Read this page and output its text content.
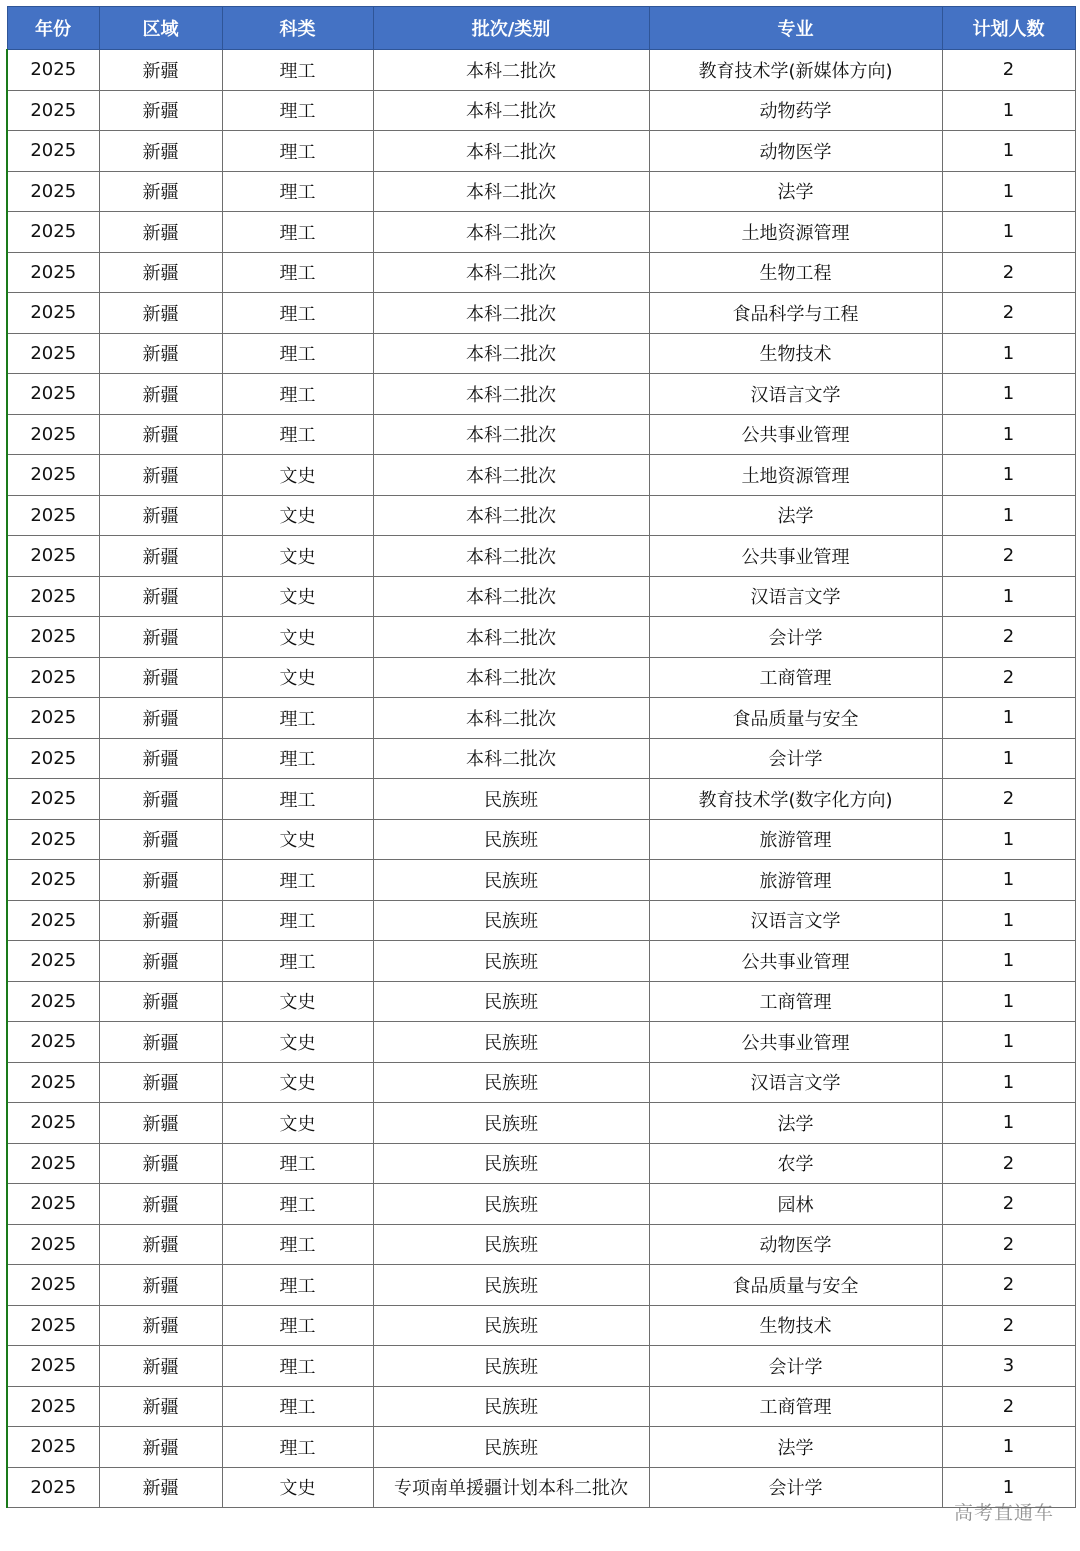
年份	区域	科类	批次/类别	专业	计划人数
2025	新疆	理工	本科二批次	教育技术学(新媒体方向)	2
2025	新疆	理工	本科二批次	动物药学	1
2025	新疆	理工	本科二批次	动物医学	1
2025	新疆	理工	本科二批次	法学	1
2025	新疆	理工	本科二批次	土地资源管理	1
2025	新疆	理工	本科二批次	生物工程	2
2025	新疆	理工	本科二批次	食品科学与工程	2
2025	新疆	理工	本科二批次	生物技术	1
2025	新疆	理工	本科二批次	汉语言文学	1
2025	新疆	理工	本科二批次	公共事业管理	1
2025	新疆	文史	本科二批次	土地资源管理	1
2025	新疆	文史	本科二批次	法学	1
2025	新疆	文史	本科二批次	公共事业管理	2
2025	新疆	文史	本科二批次	汉语言文学	1
2025	新疆	文史	本科二批次	会计学	2
2025	新疆	文史	本科二批次	工商管理	2
2025	新疆	理工	本科二批次	食品质量与安全	1
2025	新疆	理工	本科二批次	会计学	1
2025	新疆	理工	民族班	教育技术学(数字化方向)	2
2025	新疆	文史	民族班	旅游管理	1
2025	新疆	理工	民族班	旅游管理	1
2025	新疆	理工	民族班	汉语言文学	1
2025	新疆	理工	民族班	公共事业管理	1
2025	新疆	文史	民族班	工商管理	1
2025	新疆	文史	民族班	公共事业管理	1
2025	新疆	文史	民族班	汉语言文学	1
2025	新疆	文史	民族班	法学	1
2025	新疆	理工	民族班	农学	2
2025	新疆	理工	民族班	园林	2
2025	新疆	理工	民族班	动物医学	2
2025	新疆	理工	民族班	食品质量与安全	2
2025	新疆	理工	民族班	生物技术	2
2025	新疆	理工	民族班	会计学	3
2025	新疆	理工	民族班	工商管理	2
2025	新疆	理工	民族班	法学	1
2025	新疆	文史	专项南单援疆计划本科二批次	会计学	1
高考直通车
